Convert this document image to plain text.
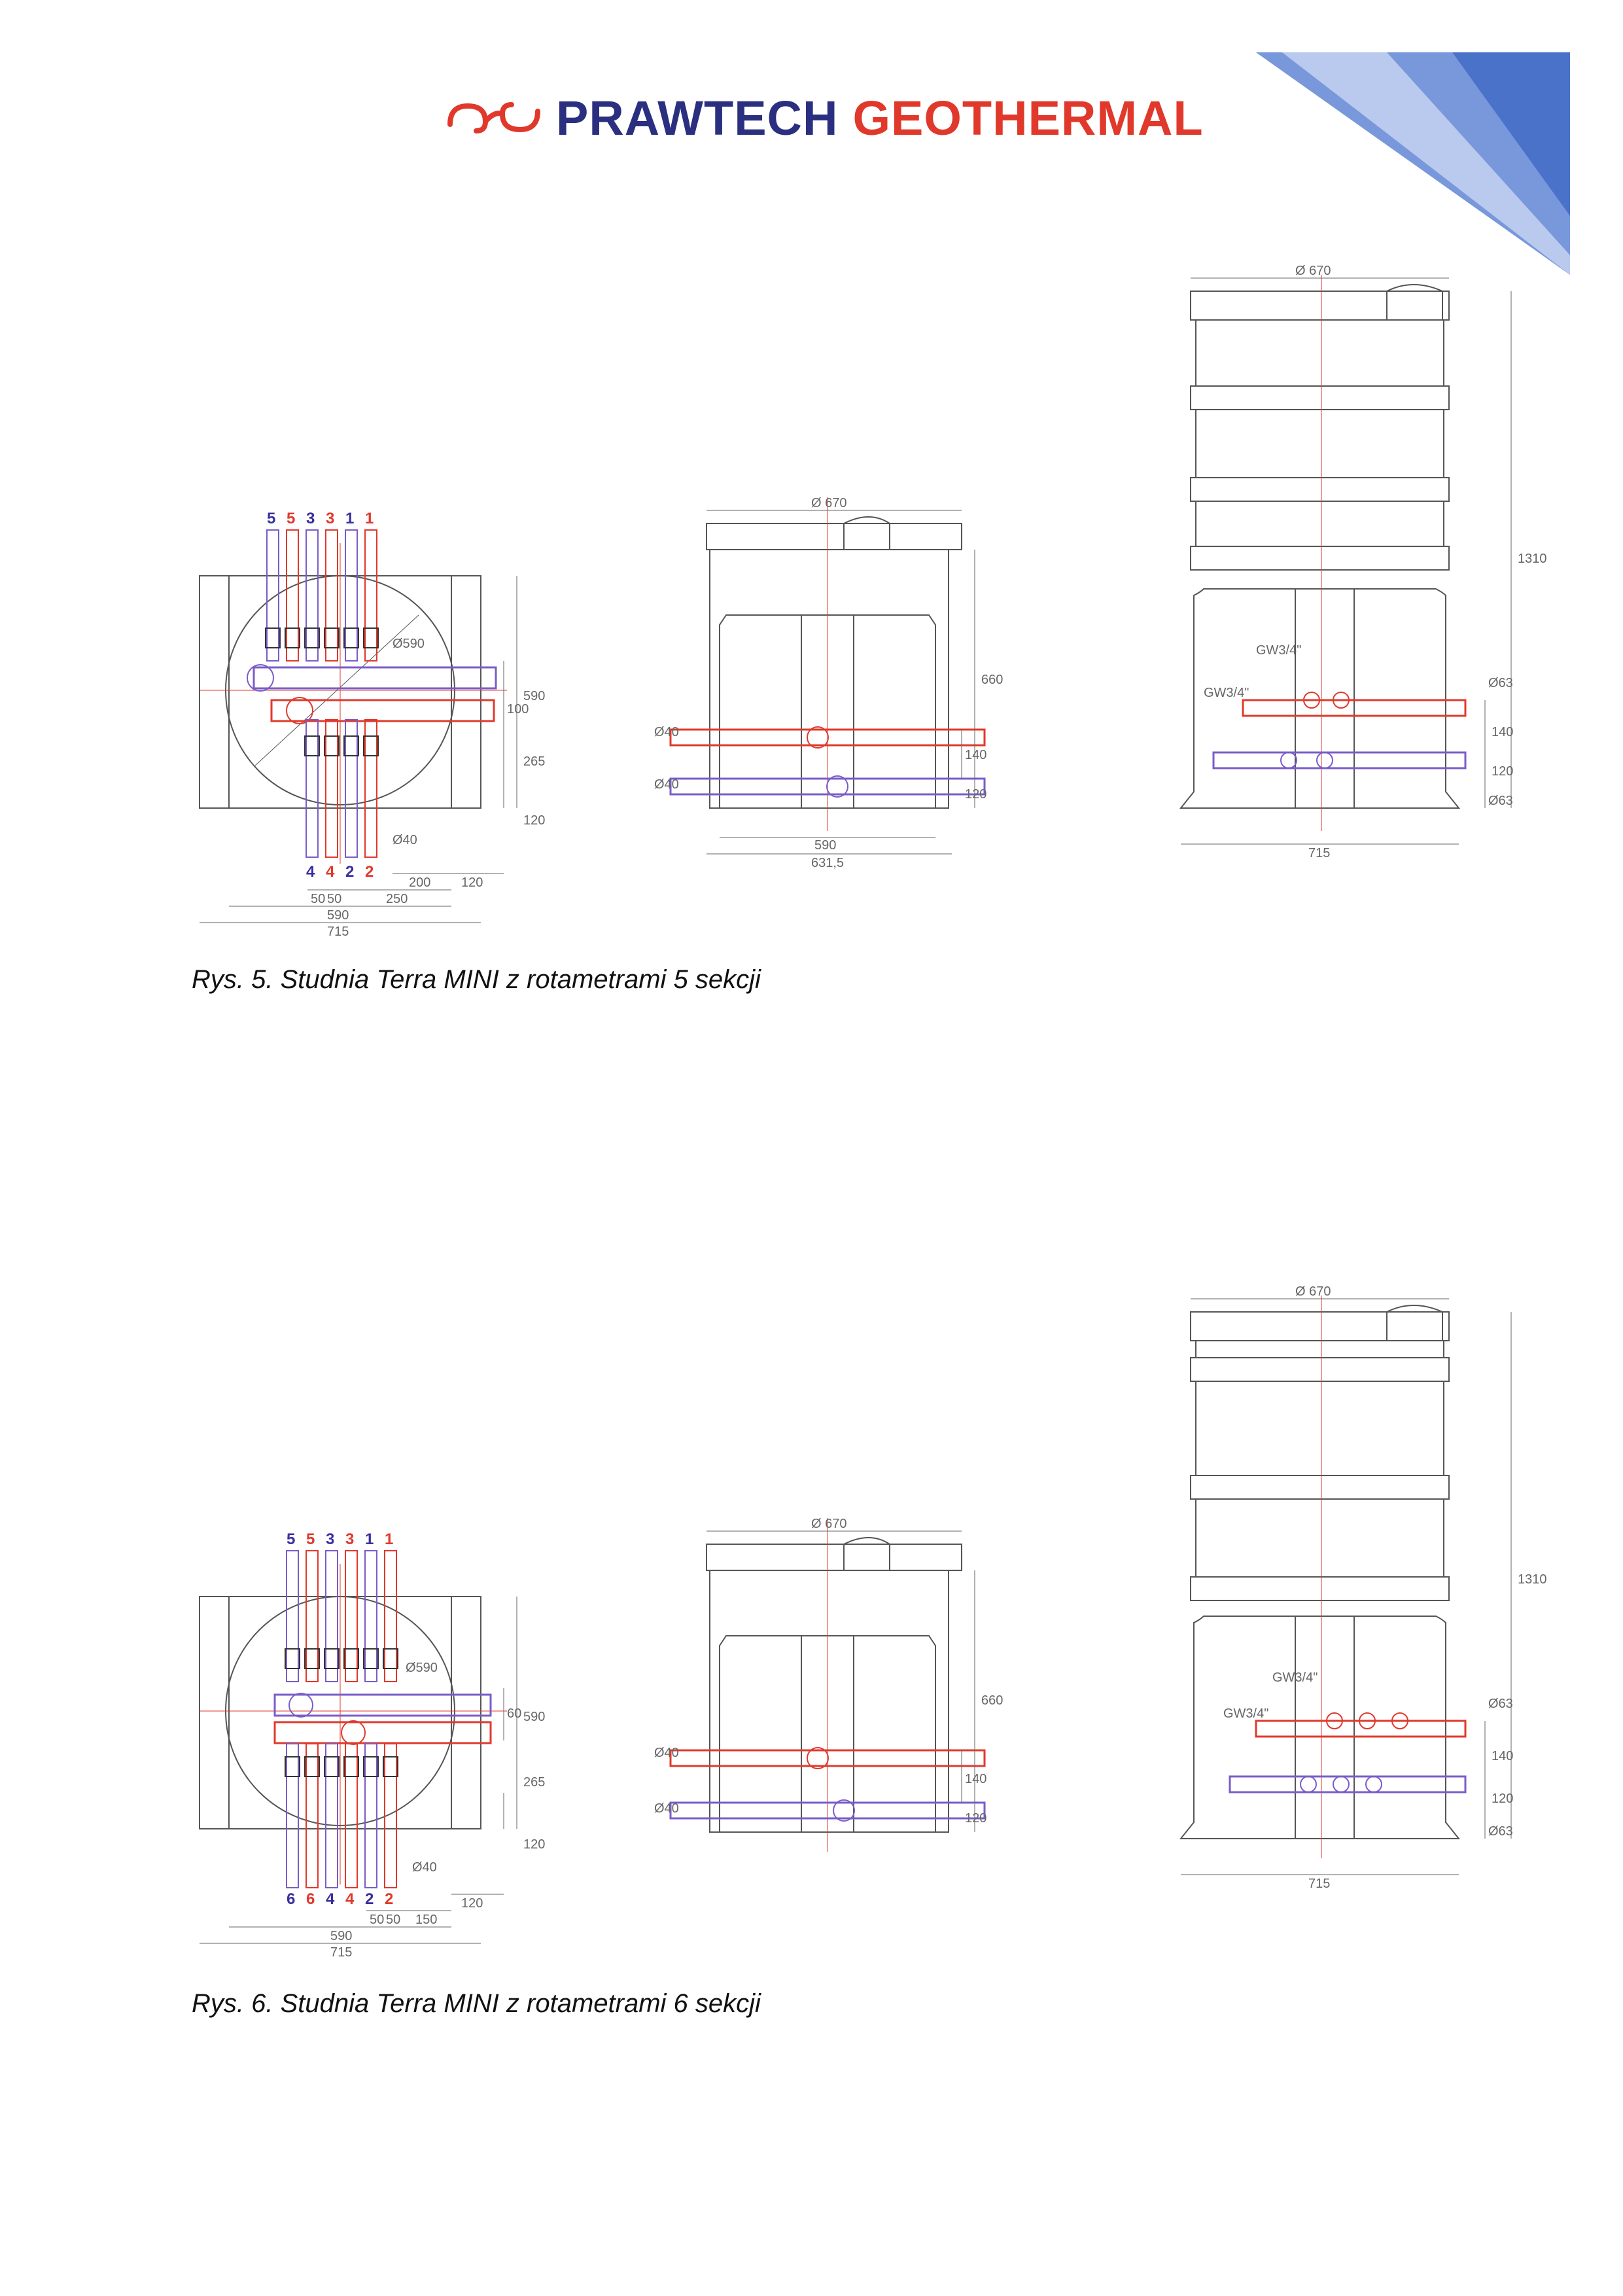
PRAWTECH GEOTHERMAL
5 5 3 3 1 1
4 4 2 2
Ø590
Ø40
590
265
120
100
200 120
50 50	250
590
715
Ø 670
Ø40
Ø40
660
140
120
590
631,5
Ø 670
1310
GW3/4"
GW3/4"
Ø63
Ø63
140
120
715
Rys. 5. Studnia Terra MINI z rotametrami 5 sekcji
5 5 3 3 1 1
6 6 4 4 2 2
Ø590
Ø40
590
265
120
60
120
50 50 150
590
715
Ø 670
Ø40
Ø40
660
140
120
Ø 670
1310
GW3/4"
GW3/4"
Ø63
Ø63
140
120
715
Rys. 6. Studnia Terra MINI z rotametrami 6 sekcji
